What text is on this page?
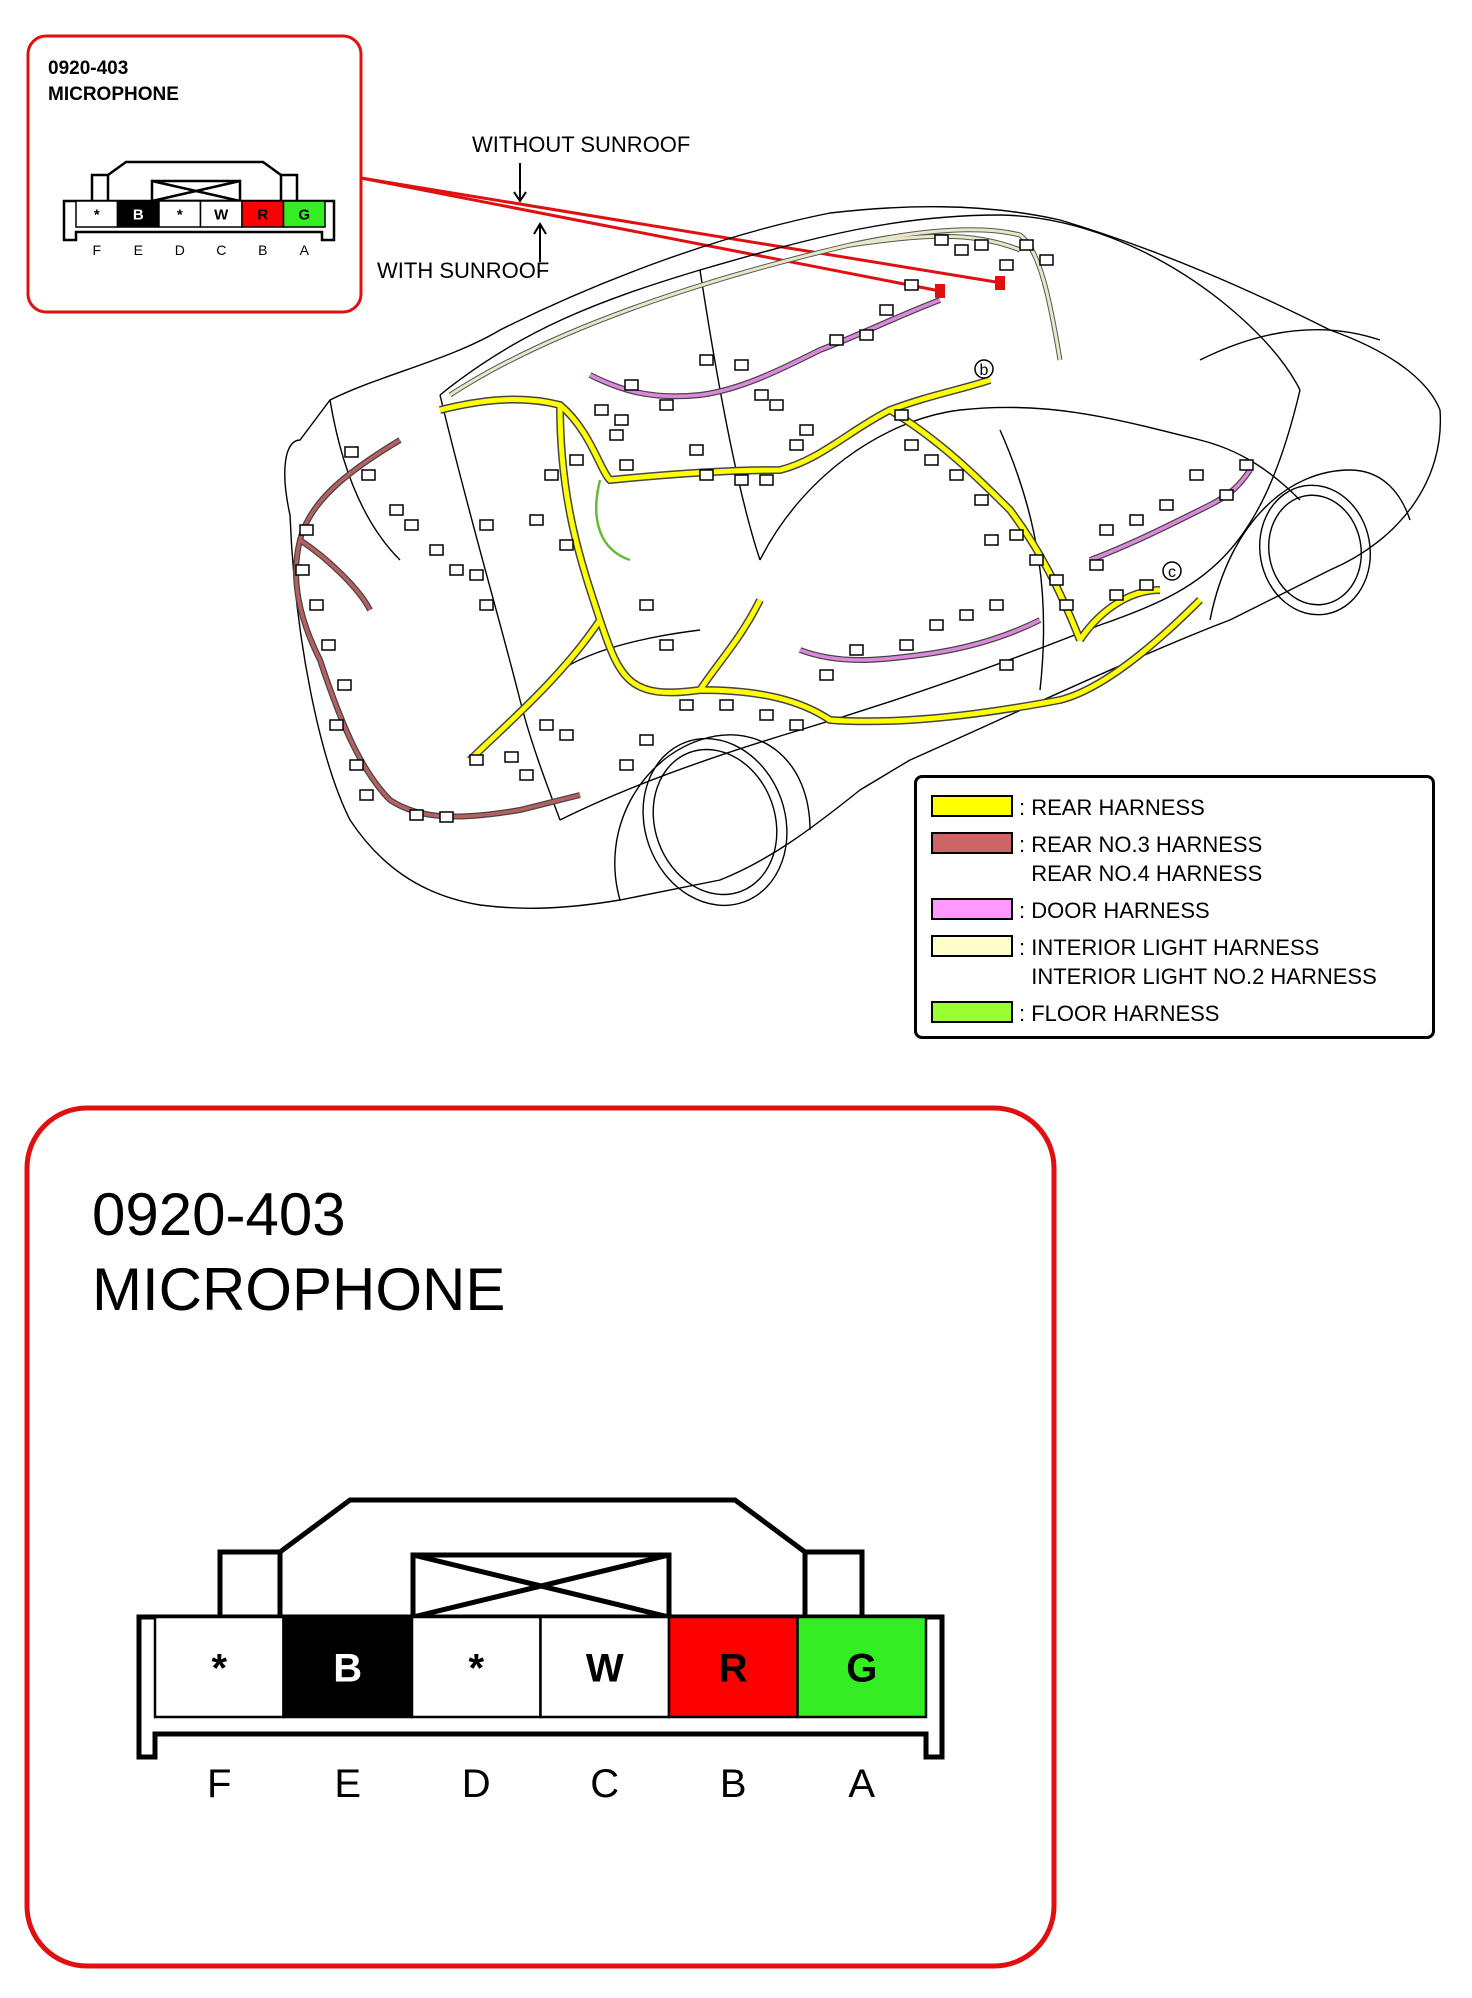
*
F
B
E
*
D
W
C
R
B
G
A
b
c
*
F
B
E
*
D
W
C
R
B
G
A
0920-403
MICROPHONE
WITHOUT SUNROOF
WITH SUNROOF
: REAR HARNESS
: REAR NO.3 HARNESS
REAR NO.4 HARNESS
: DOOR HARNESS
: INTERIOR LIGHT HARNESS
INTERIOR LIGHT NO.2 HARNESS
: FLOOR HARNESS
0920-403
MICROPHONE
